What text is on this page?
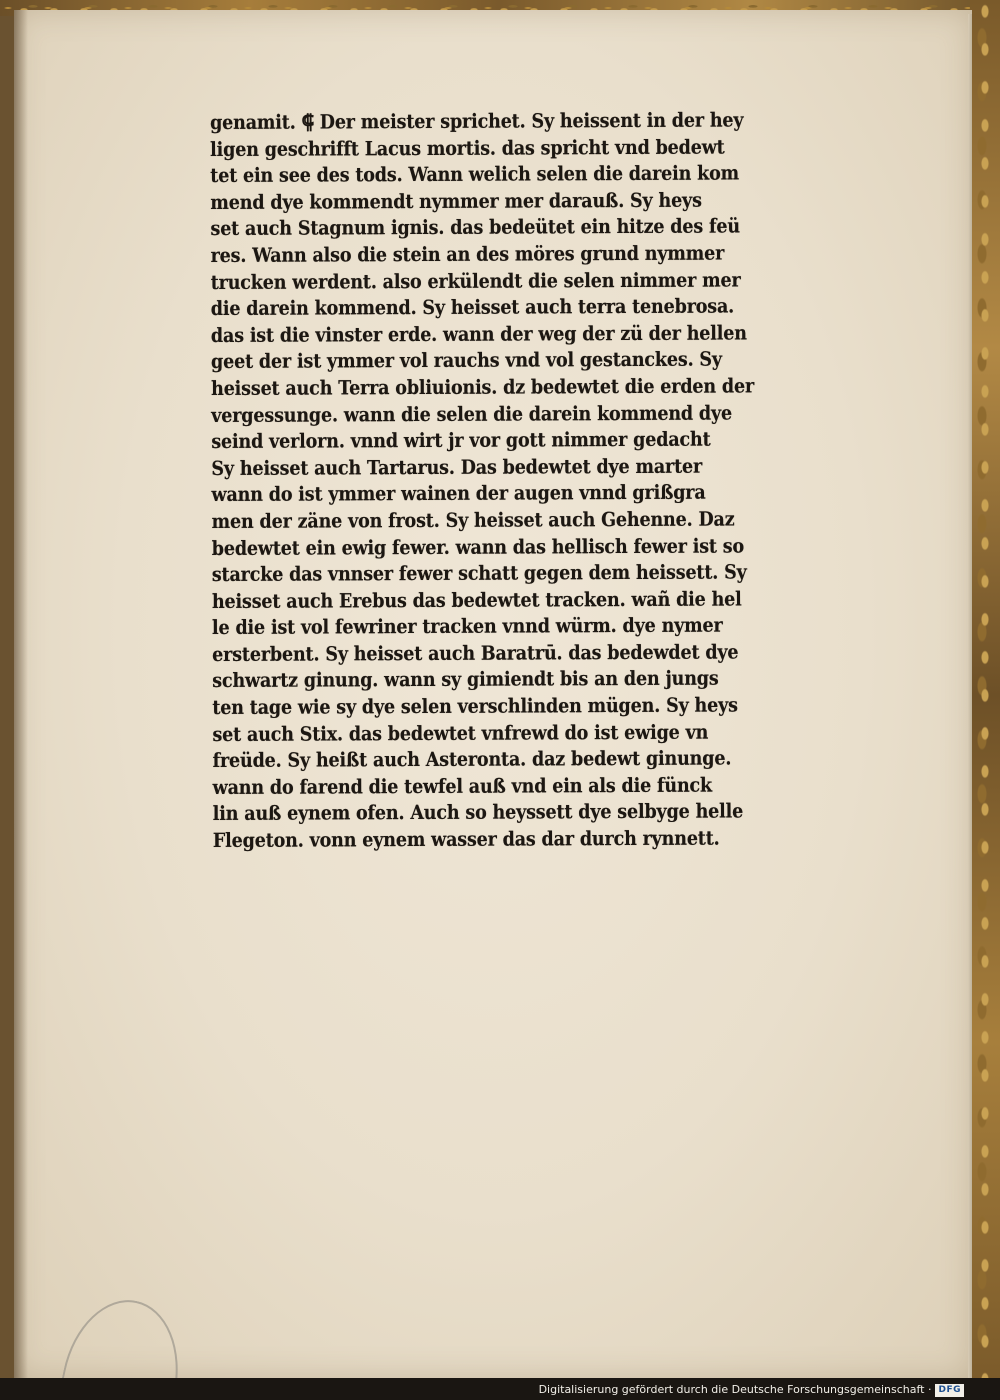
genamit. ⸿ Der meister sprichet. Sy heissent in der hey
ligen geschrifft Lacus mortis. das spricht vnd bedewt
tet ein see des tods. Wann welich selen die darein kom
mend dye kommendt nymmer mer darauß. Sy heys
set auch Stagnum ignis. das bedeütet ein hitze des feü
res. Wann also die stein an des möres grund nymmer
trucken werdent. also erkülendt die selen nimmer mer
die darein kommend. Sy heisset auch terra tenebrosa.
das ist die vinster erde. wann der weg der zü der hellen
geet der ist ymmer vol rauchs vnd vol gestanckes. Sy
heisset auch Terra obliuionis. dz bedewtet die erden der
vergessunge. wann die selen die darein kommend dye
seind verlorn. vnnd wirt jr vor gott nimmer gedacht
Sy heisset auch Tartarus. Das bedewtet dye marter
wann do ist ymmer wainen der augen vnnd grißgra
men der zäne von frost. Sy heisset auch Gehenne. Daz
bedewtet ein ewig fewer. wann das hellisch fewer ist so
starcke das vnnser fewer schatt gegen dem heissett. Sy
heisset auch Erebus das bedewtet tracken. wañ die hel
le die ist vol fewriner tracken vnnd würm. dye nymer
ersterbent. Sy heisset auch Baratrū. das bedewdet dye
schwartz ginung. wann sy gimiendt bis an den jungs
ten tage wie sy dye selen verschlinden mügen. Sy heys
set auch Stix. das bedewtet vnfrewd do ist ewige vn
freüde. Sy heißt auch Asteronta. daz bedewt ginunge.
wann do farend die tewfel auß vnd ein als die fünck
lin auß eynem ofen. Auch so heyssett dye selbyge helle
Flegeton. vonn eynem wasser das dar durch rynnett.
Digitalisierung gefördert durch die Deutsche Forschungsgemeinschaft · DFG
